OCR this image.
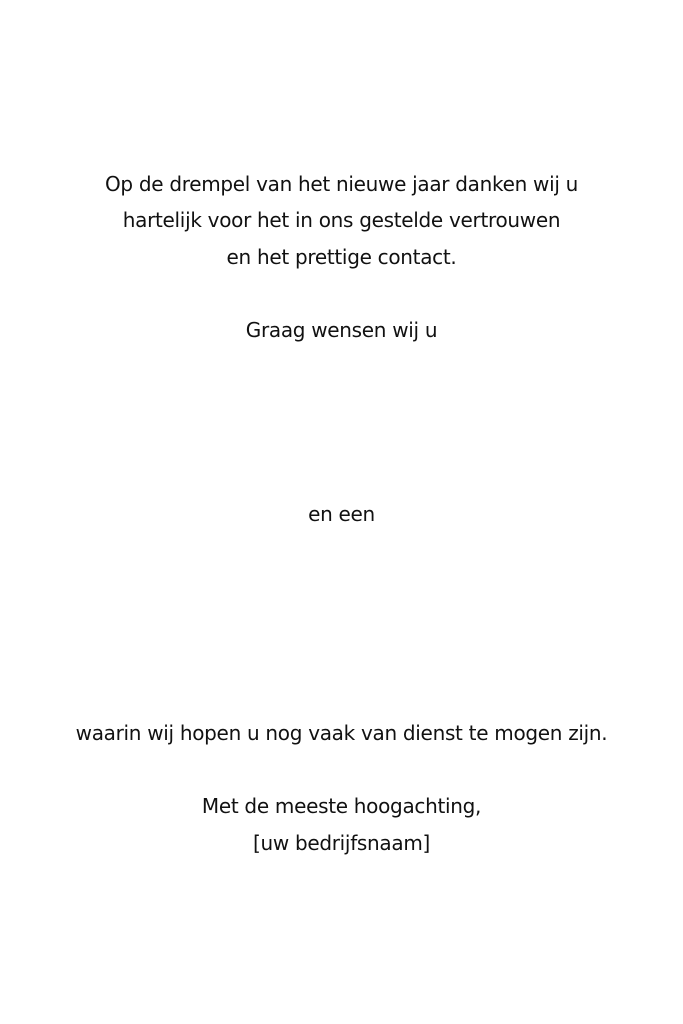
Op de drempel van het nieuwe jaar danken wij u
hartelijk voor het in ons gestelde vertrouwen
en het prettige contact.
Graag wensen wij u
en een
waarin wij hopen u nog vaak van dienst te mogen zijn.
Met de meeste hoogachting,
[uw bedrijfsnaam]
